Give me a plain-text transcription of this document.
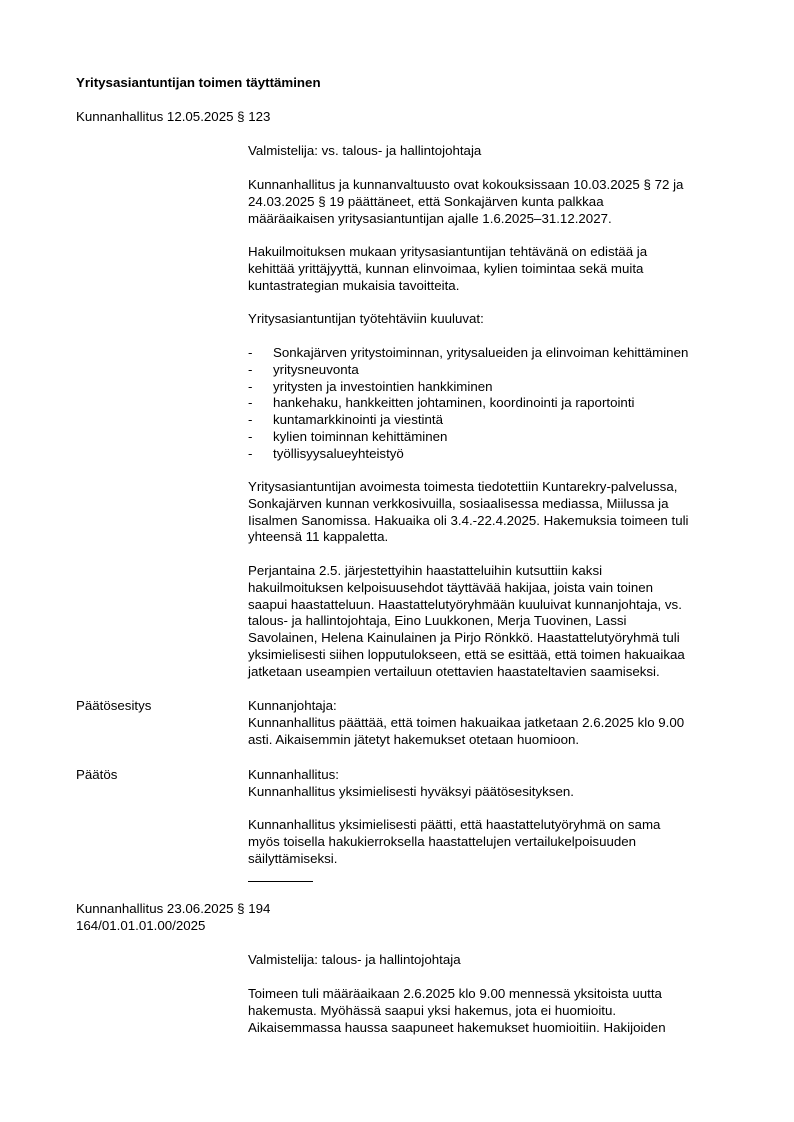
Yritysasiantuntijan toimen täyttäminen
Kunnanhallitus 12.05.2025 § 123
Valmistelija: vs. talous- ja hallintojohtaja
Kunnanhallitus ja kunnanvaltuusto ovat kokouksissaan 10.03.2025 § 72 ja
24.03.2025 § 19 päättäneet, että Sonkajärven kunta palkkaa
määräaikaisen yritysasiantuntijan ajalle 1.6.2025–31.12.2027.
Hakuilmoituksen mukaan yritysasiantuntijan tehtävänä on edistää ja
kehittää yrittäjyyttä, kunnan elinvoimaa, kylien toimintaa sekä muita
kuntastrategian mukaisia tavoitteita.
Yritysasiantuntijan työtehtäviin kuuluvat:
- Sonkajärven yritystoiminnan, yritysalueiden ja elinvoiman kehittäminen
- yritysneuvonta
- yritysten ja investointien hankkiminen
- hankehaku, hankkeitten johtaminen, koordinointi ja raportointi
- kuntamarkkinointi ja viestintä
- kylien toiminnan kehittäminen
- työllisyysalueyhteistyö
Yritysasiantuntijan avoimesta toimesta tiedotettiin Kuntarekry-palvelussa,
Sonkajärven kunnan verkkosivuilla, sosiaalisessa mediassa, Miilussa ja
Iisalmen Sanomissa. Hakuaika oli 3.4.-22.4.2025. Hakemuksia toimeen tuli
yhteensä 11 kappaletta.
Perjantaina 2.5. järjestettyihin haastatteluihin kutsuttiin kaksi
hakuilmoituksen kelpoisuusehdot täyttävää hakijaa, joista vain toinen
saapui haastatteluun. Haastattelutyöryhmään kuuluivat kunnanjohtaja, vs.
talous- ja hallintojohtaja, Eino Luukkonen, Merja Tuovinen, Lassi
Savolainen, Helena Kainulainen ja Pirjo Rönkkö. Haastattelutyöryhmä tuli
yksimielisesti siihen lopputulokseen, että se esittää, että toimen hakuaikaa
jatketaan useampien vertailuun otettavien haastateltavien saamiseksi.
Päätösesitys	Kunnanjohtaja:
Kunnanhallitus päättää, että toimen hakuaikaa jatketaan 2.6.2025 klo 9.00
asti. Aikaisemmin jätetyt hakemukset otetaan huomioon.
Päätös	Kunnanhallitus:
Kunnanhallitus yksimielisesti hyväksyi päätösesityksen.
Kunnanhallitus yksimielisesti päätti, että haastattelutyöryhmä on sama
myös toisella hakukierroksella haastattelujen vertailukelpoisuuden
säilyttämiseksi.
Kunnanhallitus 23.06.2025 § 194
164/01.01.01.00/2025
Valmistelija: talous- ja hallintojohtaja
Toimeen tuli määräaikaan 2.6.2025 klo 9.00 mennessä yksitoista uutta
hakemusta. Myöhässä saapui yksi hakemus, jota ei huomioitu.
Aikaisemmassa haussa saapuneet hakemukset huomioitiin. Hakijoiden
